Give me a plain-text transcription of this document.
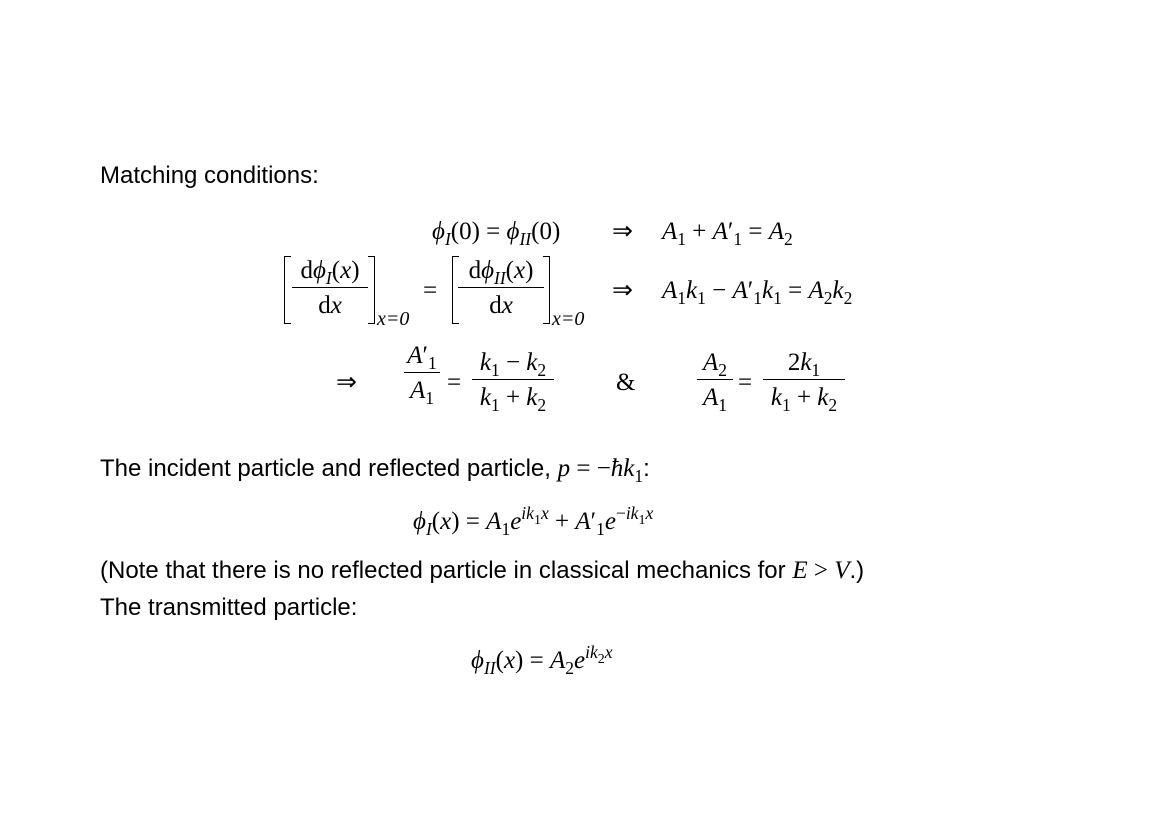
Matching conditions:
$\phi_I(0) = \phi_{II}(0)$ ⇒ $A_1 + A'_1 = A_2$
$d\phi_I(x)$
dx	x=0
=
$d\phi_{II}(x)$
dx	x=0
⇒ $A_1k_1 - A'_1k_1 = A_2k_2$
⇒
$A'_1$
$A_1$
=
$k_1 - k_2$
$k_1 + k_2$
&
$A_2$
$A_1$
=
$2k_1$
$k_1 + k_2$
The incident particle and reflected particle, $p = -ħk_1$:
$\phi_I(x) = A_1e^{ik_1x} + A'_1e^{-ik_1x}$
(Note that there is no reflected particle in classical mechanics for E > V.)
The transmitted particle:
$\phi_{II}(x) = A_2e^{ik_2x}$
